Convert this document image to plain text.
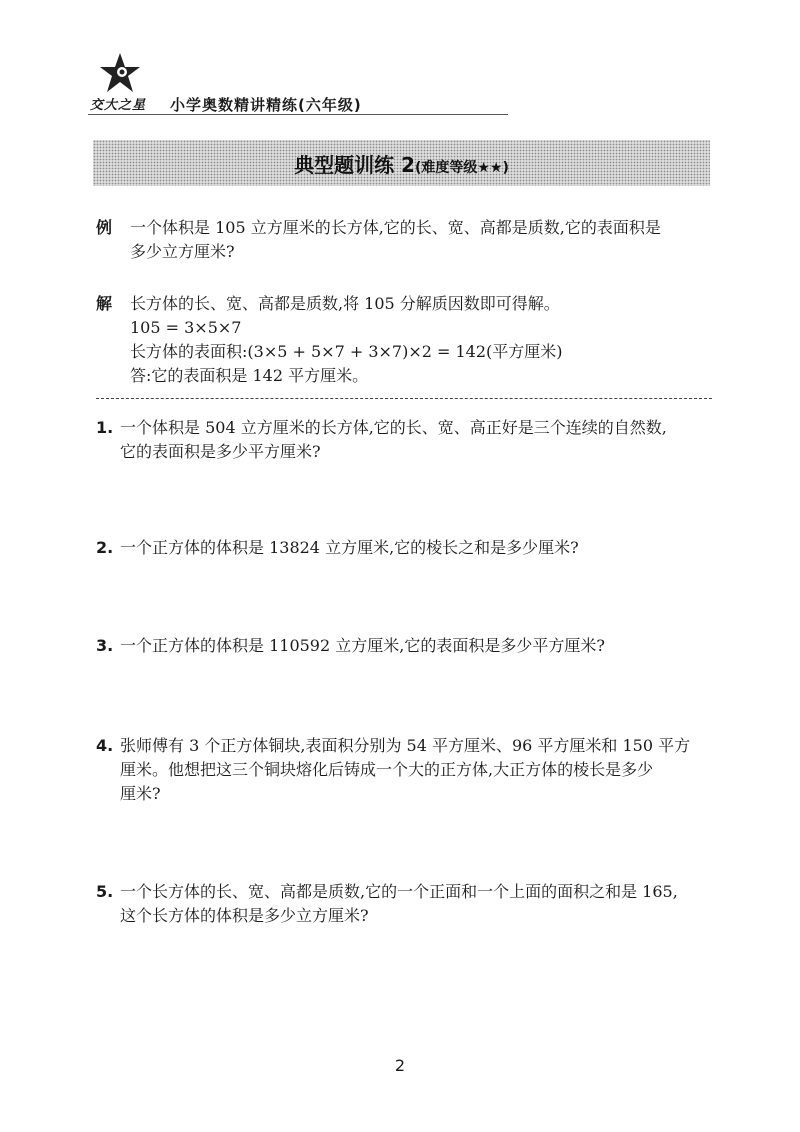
交大之星 小学奥数精讲精练(六年级)
典型题训练 2(难度等级★★)
例 一个体积是 105 立方厘米的长方体,它的长、宽、高都是质数,它的表面积是
多少立方厘米?
解 长方体的长、宽、高都是质数,将 105 分解质因数即可得解。
105 = 3×5×7
长方体的表面积:(3×5 + 5×7 + 3×7)×2 = 142(平方厘米)
答:它的表面积是 142 平方厘米。
1. 一个体积是 504 立方厘米的长方体,它的长、宽、高正好是三个连续的自然数,
它的表面积是多少平方厘米?
2. 一个正方体的体积是 13824 立方厘米,它的棱长之和是多少厘米?
3. 一个正方体的体积是 110592 立方厘米,它的表面积是多少平方厘米?
4. 张师傅有 3 个正方体铜块,表面积分别为 54 平方厘米、96 平方厘米和 150 平方
厘米。他想把这三个铜块熔化后铸成一个大的正方体,大正方体的棱长是多少
厘米?
5. 一个长方体的长、宽、高都是质数,它的一个正面和一个上面的面积之和是 165,
这个长方体的体积是多少立方厘米?
2
